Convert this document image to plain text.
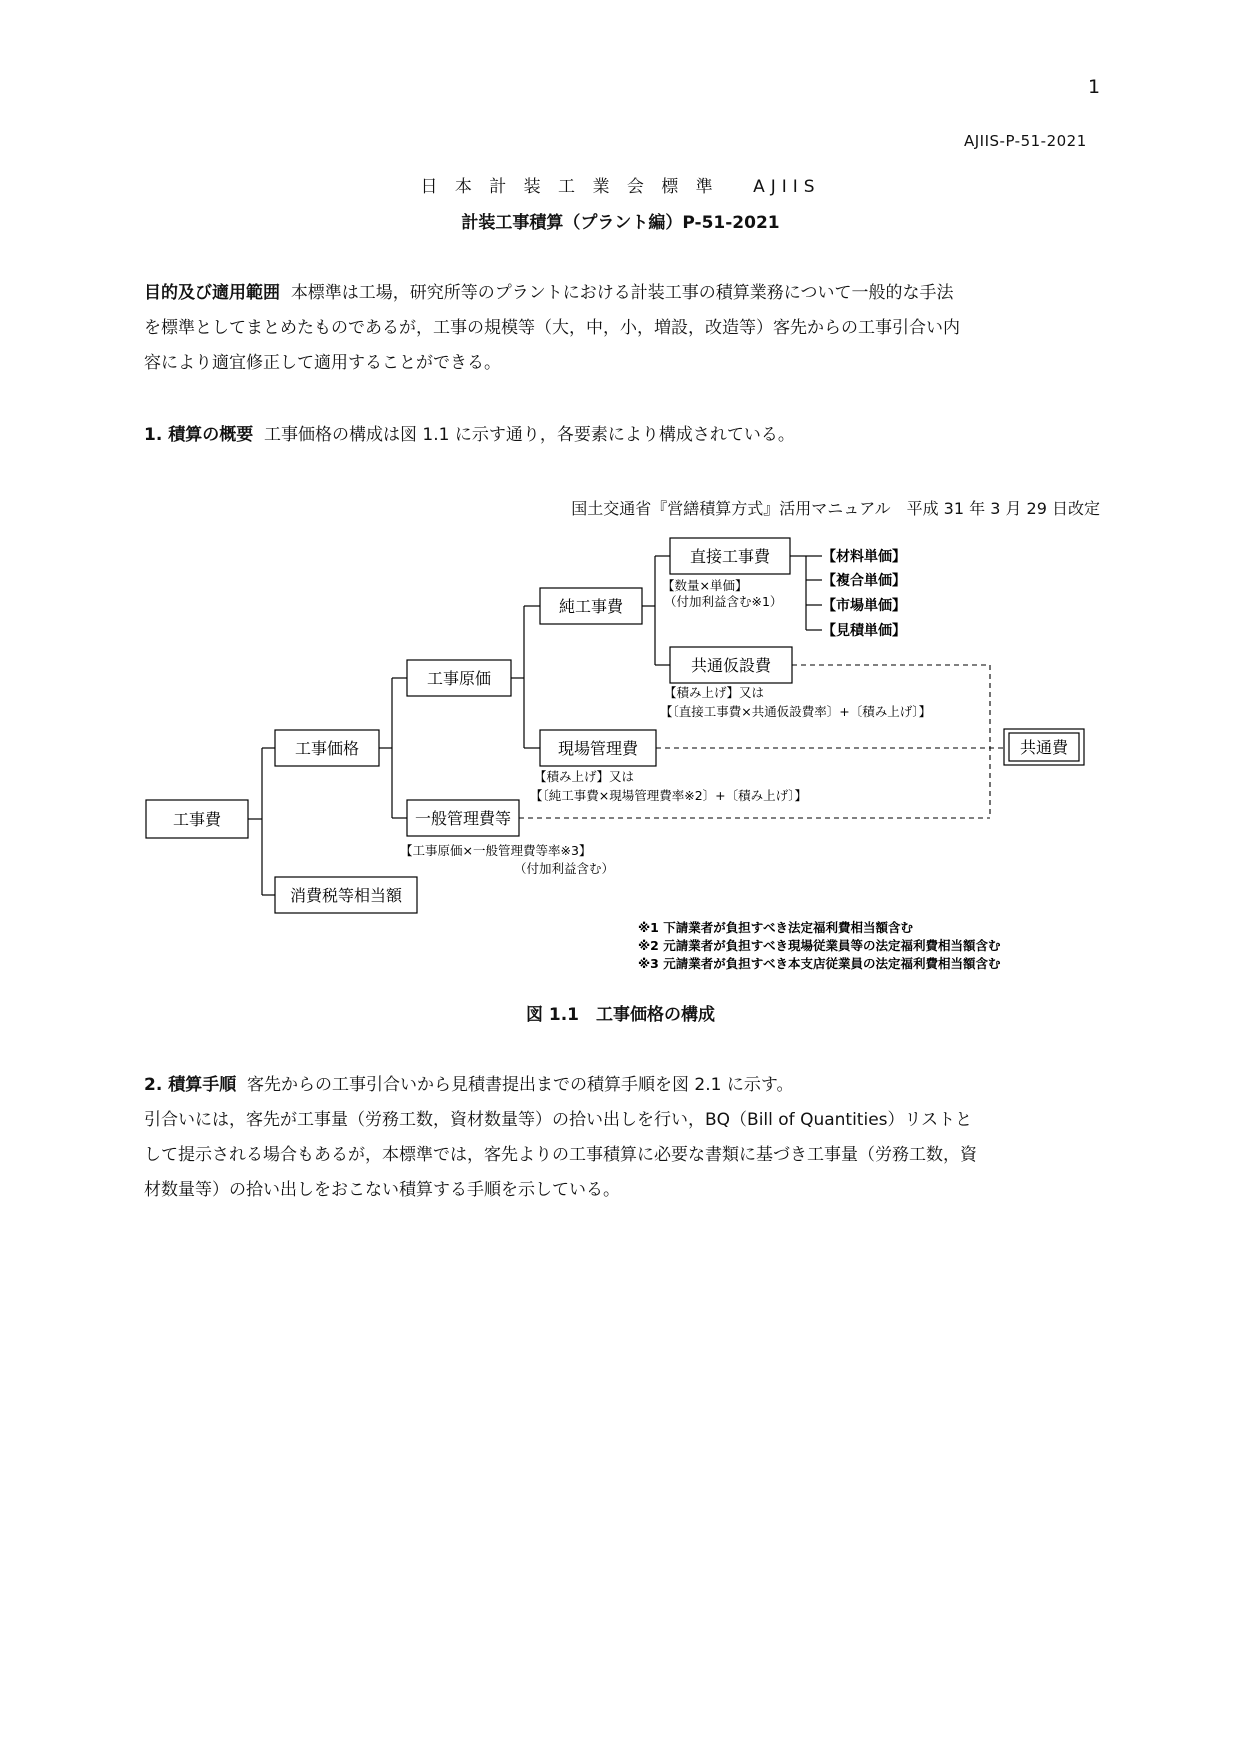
1
AJIIS-P-51-2021
日 本 計 装 工 業 会 標 準　 AJIIS
計装工事積算（プラント編）P-51-2021
目的及び適用範囲 本標準は工場，研究所等のプラントにおける計装工事の積算業務について一般的な手法
を標準としてまとめたものであるが，工事の規模等（大，中，小，増設，改造等）客先からの工事引合い内
容により適宜修正して適用することができる。
1. 積算の概要 工事価格の構成は図 1.1 に示す通り，各要素により構成されている。
国土交通省『営繕積算方式』活用マニュアル　平成 31 年 3 月 29 日改定
工事費
工事価格
消費税等相当額
工事原価
一般管理費等
純工事費
現場管理費
直接工事費
共通仮設費
共通費
【材料単価】
【複合単価】
【市場単価】
【見積単価】
【数量×単価】
（付加利益含む※1）
【積み上げ】又は
【〔直接工事費×共通仮設費率〕+〔積み上げ〕】
【積み上げ】又は
【〔純工事費×現場管理費率※2〕+〔積み上げ〕】
【工事原価×一般管理費等率※3】
（付加利益含む）
※1 下請業者が負担すべき法定福利費相当額含む
※2 元請業者が負担すべき現場従業員等の法定福利費相当額含む
※3 元請業者が負担すべき本支店従業員の法定福利費相当額含む
図 1.1　工事価格の構成
2. 積算手順 客先からの工事引合いから見積書提出までの積算手順を図 2.1 に示す。
引合いには，客先が工事量（労務工数，資材数量等）の拾い出しを行い，BQ（Bill of Quantities）リストと
して提示される場合もあるが，本標準では，客先よりの工事積算に必要な書類に基づき工事量（労務工数，資
材数量等）の拾い出しをおこない積算する手順を示している。
